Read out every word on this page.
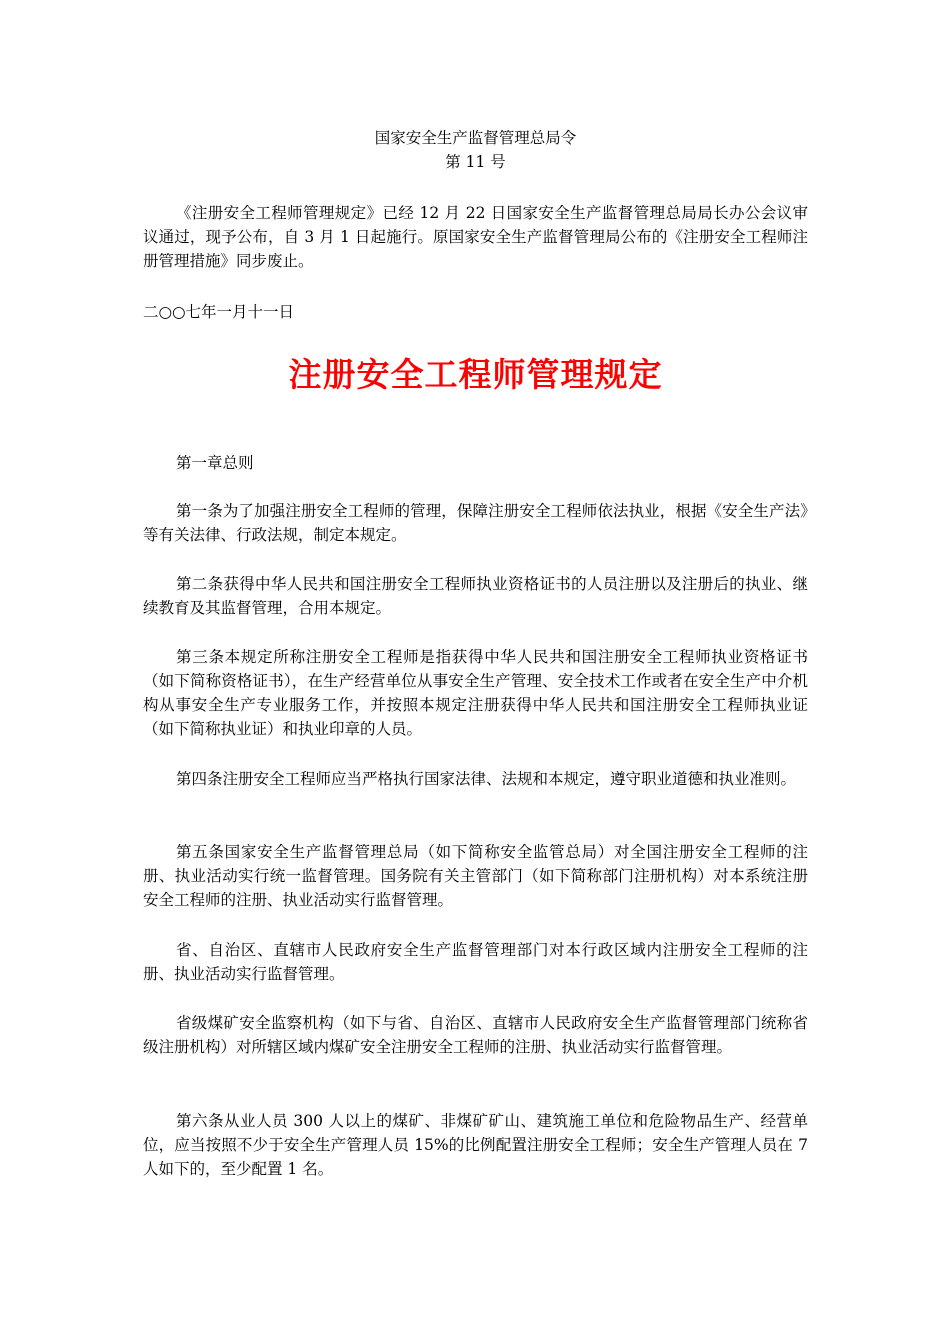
国家安全生产监督管理总局令
第 11 号

《注册安全工程师管理规定》已经 12 月 22 日国家安全生产监督管理总局局长办公会议审议通过，现予公布，自 3 月 1 日起施行。原国家安全生产监督管理局公布的《注册安全工程师注册管理措施》同步废止。

二○○七年一月十一日

注册安全工程师管理规定

第一章总则

第一条为了加强注册安全工程师的管理，保障注册安全工程师依法执业，根据《安全生产法》等有关法律、行政法规，制定本规定。

第二条获得中华人民共和国注册安全工程师执业资格证书的人员注册以及注册后的执业、继续教育及其监督管理，合用本规定。

第三条本规定所称注册安全工程师是指获得中华人民共和国注册安全工程师执业资格证书（如下简称资格证书），在生产经营单位从事安全生产管理、安全技术工作或者在安全生产中介机构从事安全生产专业服务工作，并按照本规定注册获得中华人民共和国注册安全工程师执业证（如下简称执业证）和执业印章的人员。

第四条注册安全工程师应当严格执行国家法律、法规和本规定，遵守职业道德和执业准则。

第五条国家安全生产监督管理总局（如下简称安全监管总局）对全国注册安全工程师的注册、执业活动实行统一监督管理。国务院有关主管部门（如下简称部门注册机构）对本系统注册安全工程师的注册、执业活动实行监督管理。

省、自治区、直辖市人民政府安全生产监督管理部门对本行政区域内注册安全工程师的注册、执业活动实行监督管理。

省级煤矿安全监察机构（如下与省、自治区、直辖市人民政府安全生产监督管理部门统称省级注册机构）对所辖区域内煤矿安全注册安全工程师的注册、执业活动实行监督管理。

第六条从业人员 300 人以上的煤矿、非煤矿矿山、建筑施工单位和危险物品生产、经营单位，应当按照不少于安全生产管理人员 15%的比例配置注册安全工程师；安全生产管理人员在 7 人如下的，至少配置 1 名。
